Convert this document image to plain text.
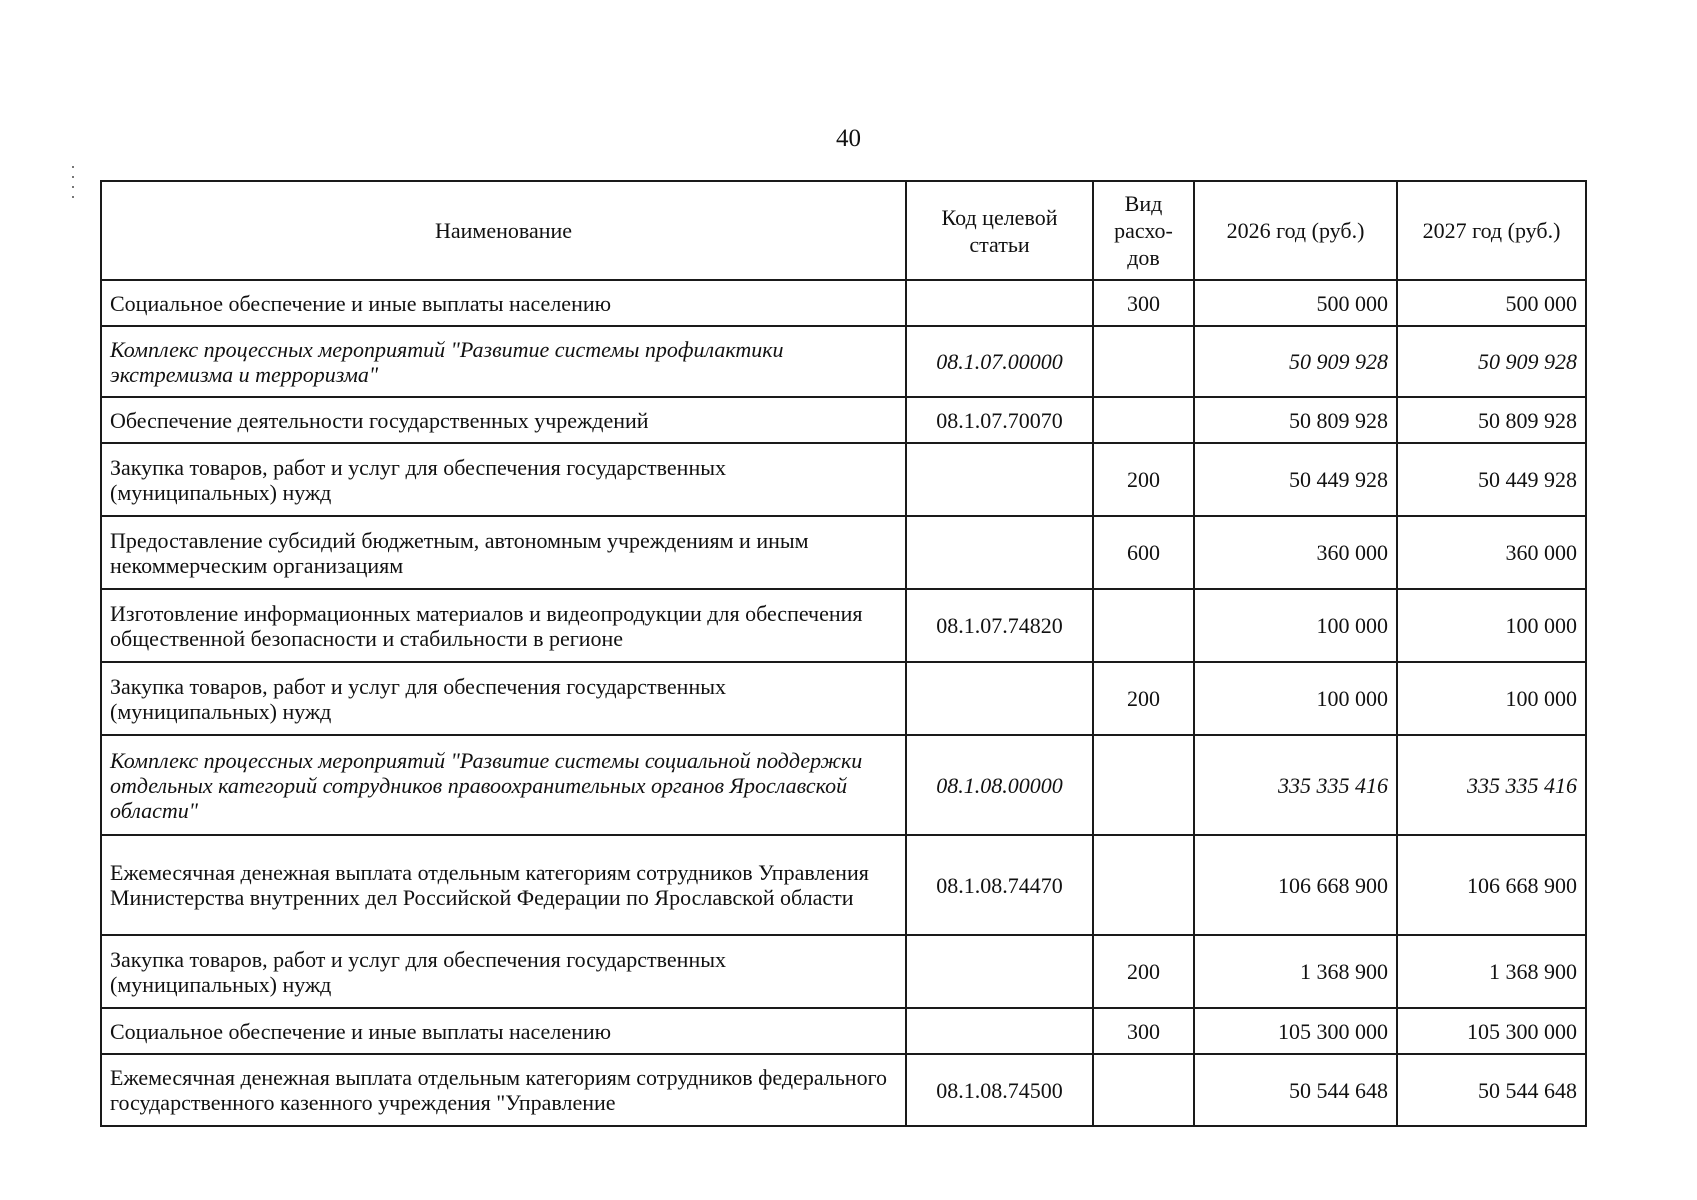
40
Наименование	Код целевой статьи	Вид расхо-дов	2026 год (руб.)	2027 год (руб.)
Социальное обеспечение и иные выплаты населению		300	500 000	500 000
Комплекс процессных мероприятий "Развитие системы профилактики экстремизма и терроризма"	08.1.07.00000		50 909 928	50 909 928
Обеспечение деятельности государственных учреждений	08.1.07.70070		50 809 928	50 809 928
Закупка товаров, работ и услуг для обеспечения государственных (муниципальных) нужд		200	50 449 928	50 449 928
Предоставление субсидий бюджетным, автономным учреждениям и иным некоммерческим организациям		600	360 000	360 000
Изготовление информационных материалов и видеопродукции для обеспечения общественной безопасности и стабильности в регионе	08.1.07.74820		100 000	100 000
Закупка товаров, работ и услуг для обеспечения государственных (муниципальных) нужд		200	100 000	100 000
Комплекс процессных мероприятий "Развитие системы социальной поддержки отдельных категорий сотрудников правоохранительных органов Ярославской области"	08.1.08.00000		335 335 416	335 335 416
Ежемесячная денежная выплата отдельным категориям сотрудников Управления Министерства внутренних дел Российской Федерации по Ярославской области	08.1.08.74470		106 668 900	106 668 900
Закупка товаров, работ и услуг для обеспечения государственных (муниципальных) нужд		200	1 368 900	1 368 900
Социальное обеспечение и иные выплаты населению		300	105 300 000	105 300 000
Ежемесячная денежная выплата отдельным категориям сотрудников федерального государственного казенного учреждения "Управление	08.1.08.74500		50 544 648	50 544 648
